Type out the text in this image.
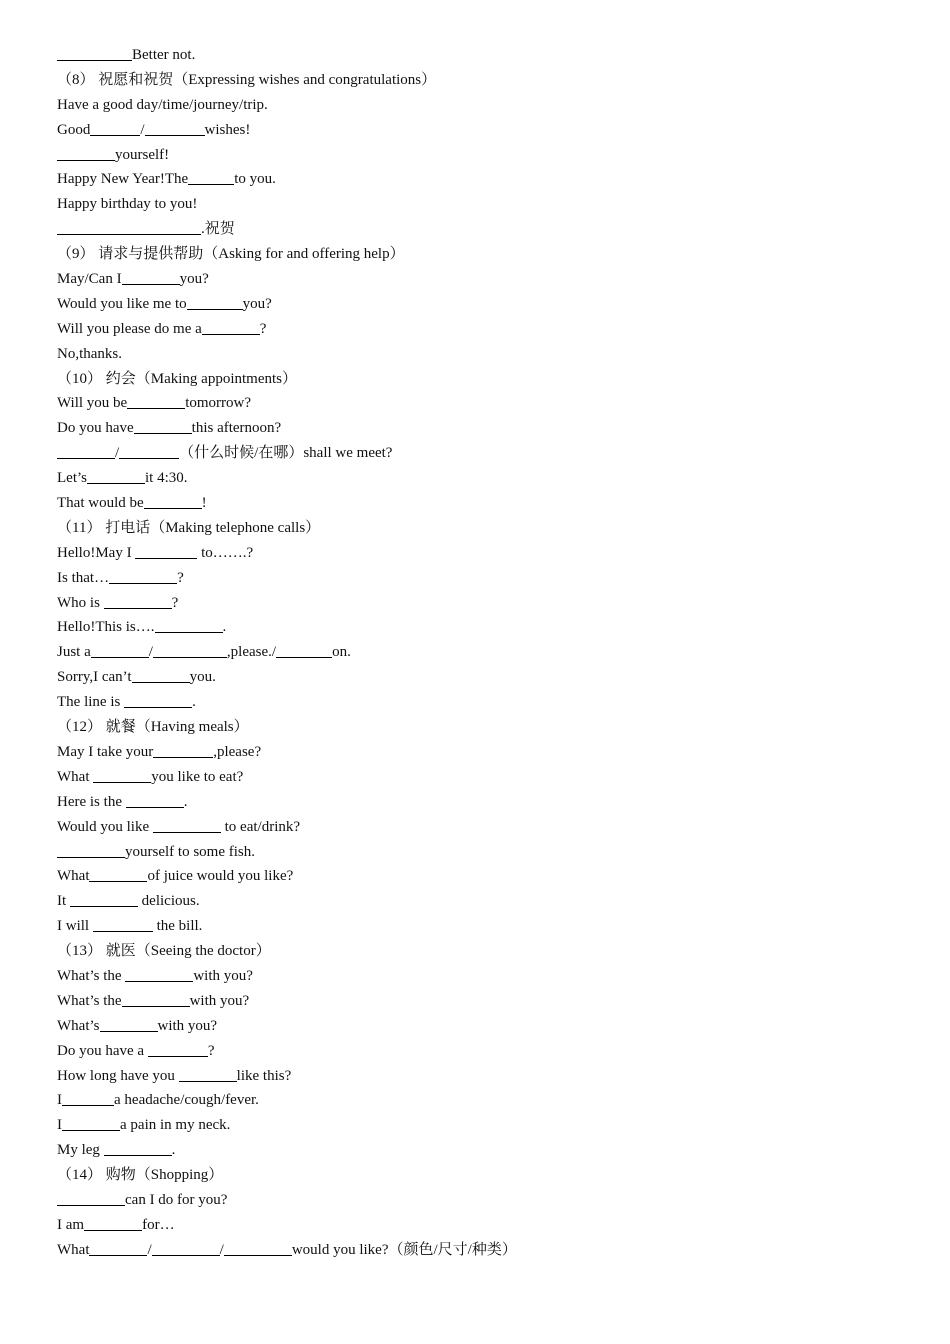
Better not.
（8） 祝愿和祝贺（Expressing wishes and congratulations）
Have a good day/time/journey/trip.
Good	/	wishes!
yourself!
Happy New Year!The	to you.
Happy birthday to you!
.祝贺
（9） 请求与提供帮助（Asking for and offering help）
May/Can I	you?
Would you like me to	you?
Will you please do me a	?
No,thanks.
（10） 约会（Making appointments）
Will you be	tomorrow?
Do you have	this afternoon?
/	（什么时候/在哪）shall we meet?
Let’s	it 4:30.
That would be	!
（11） 打电话（Making telephone calls）
Hello!May I	to…….?
Is that…	?
Who is	?
Hello!This is….	.
Just a	/	,please./	on.
Sorry,I can’t	you.
The line is	.
（12） 就餐（Having meals）
May I take your	,please?
What	you like to eat?
Here is the	.
Would you like	to eat/drink?
yourself to some fish.
What	of juice would you like?
It	delicious.
I will	the bill.
（13） 就医（Seeing the doctor）
What’s the	with you?
What’s the	with you?
What’s	with you?
Do you have a	?
How long have you	like this?
I	a headache/cough/fever.
I	a pain in my neck.
My leg	.
（14） 购物（Shopping）
can I do for you?
I am	for…
What	/	/	would you like?（颜色/尺寸/种类）
